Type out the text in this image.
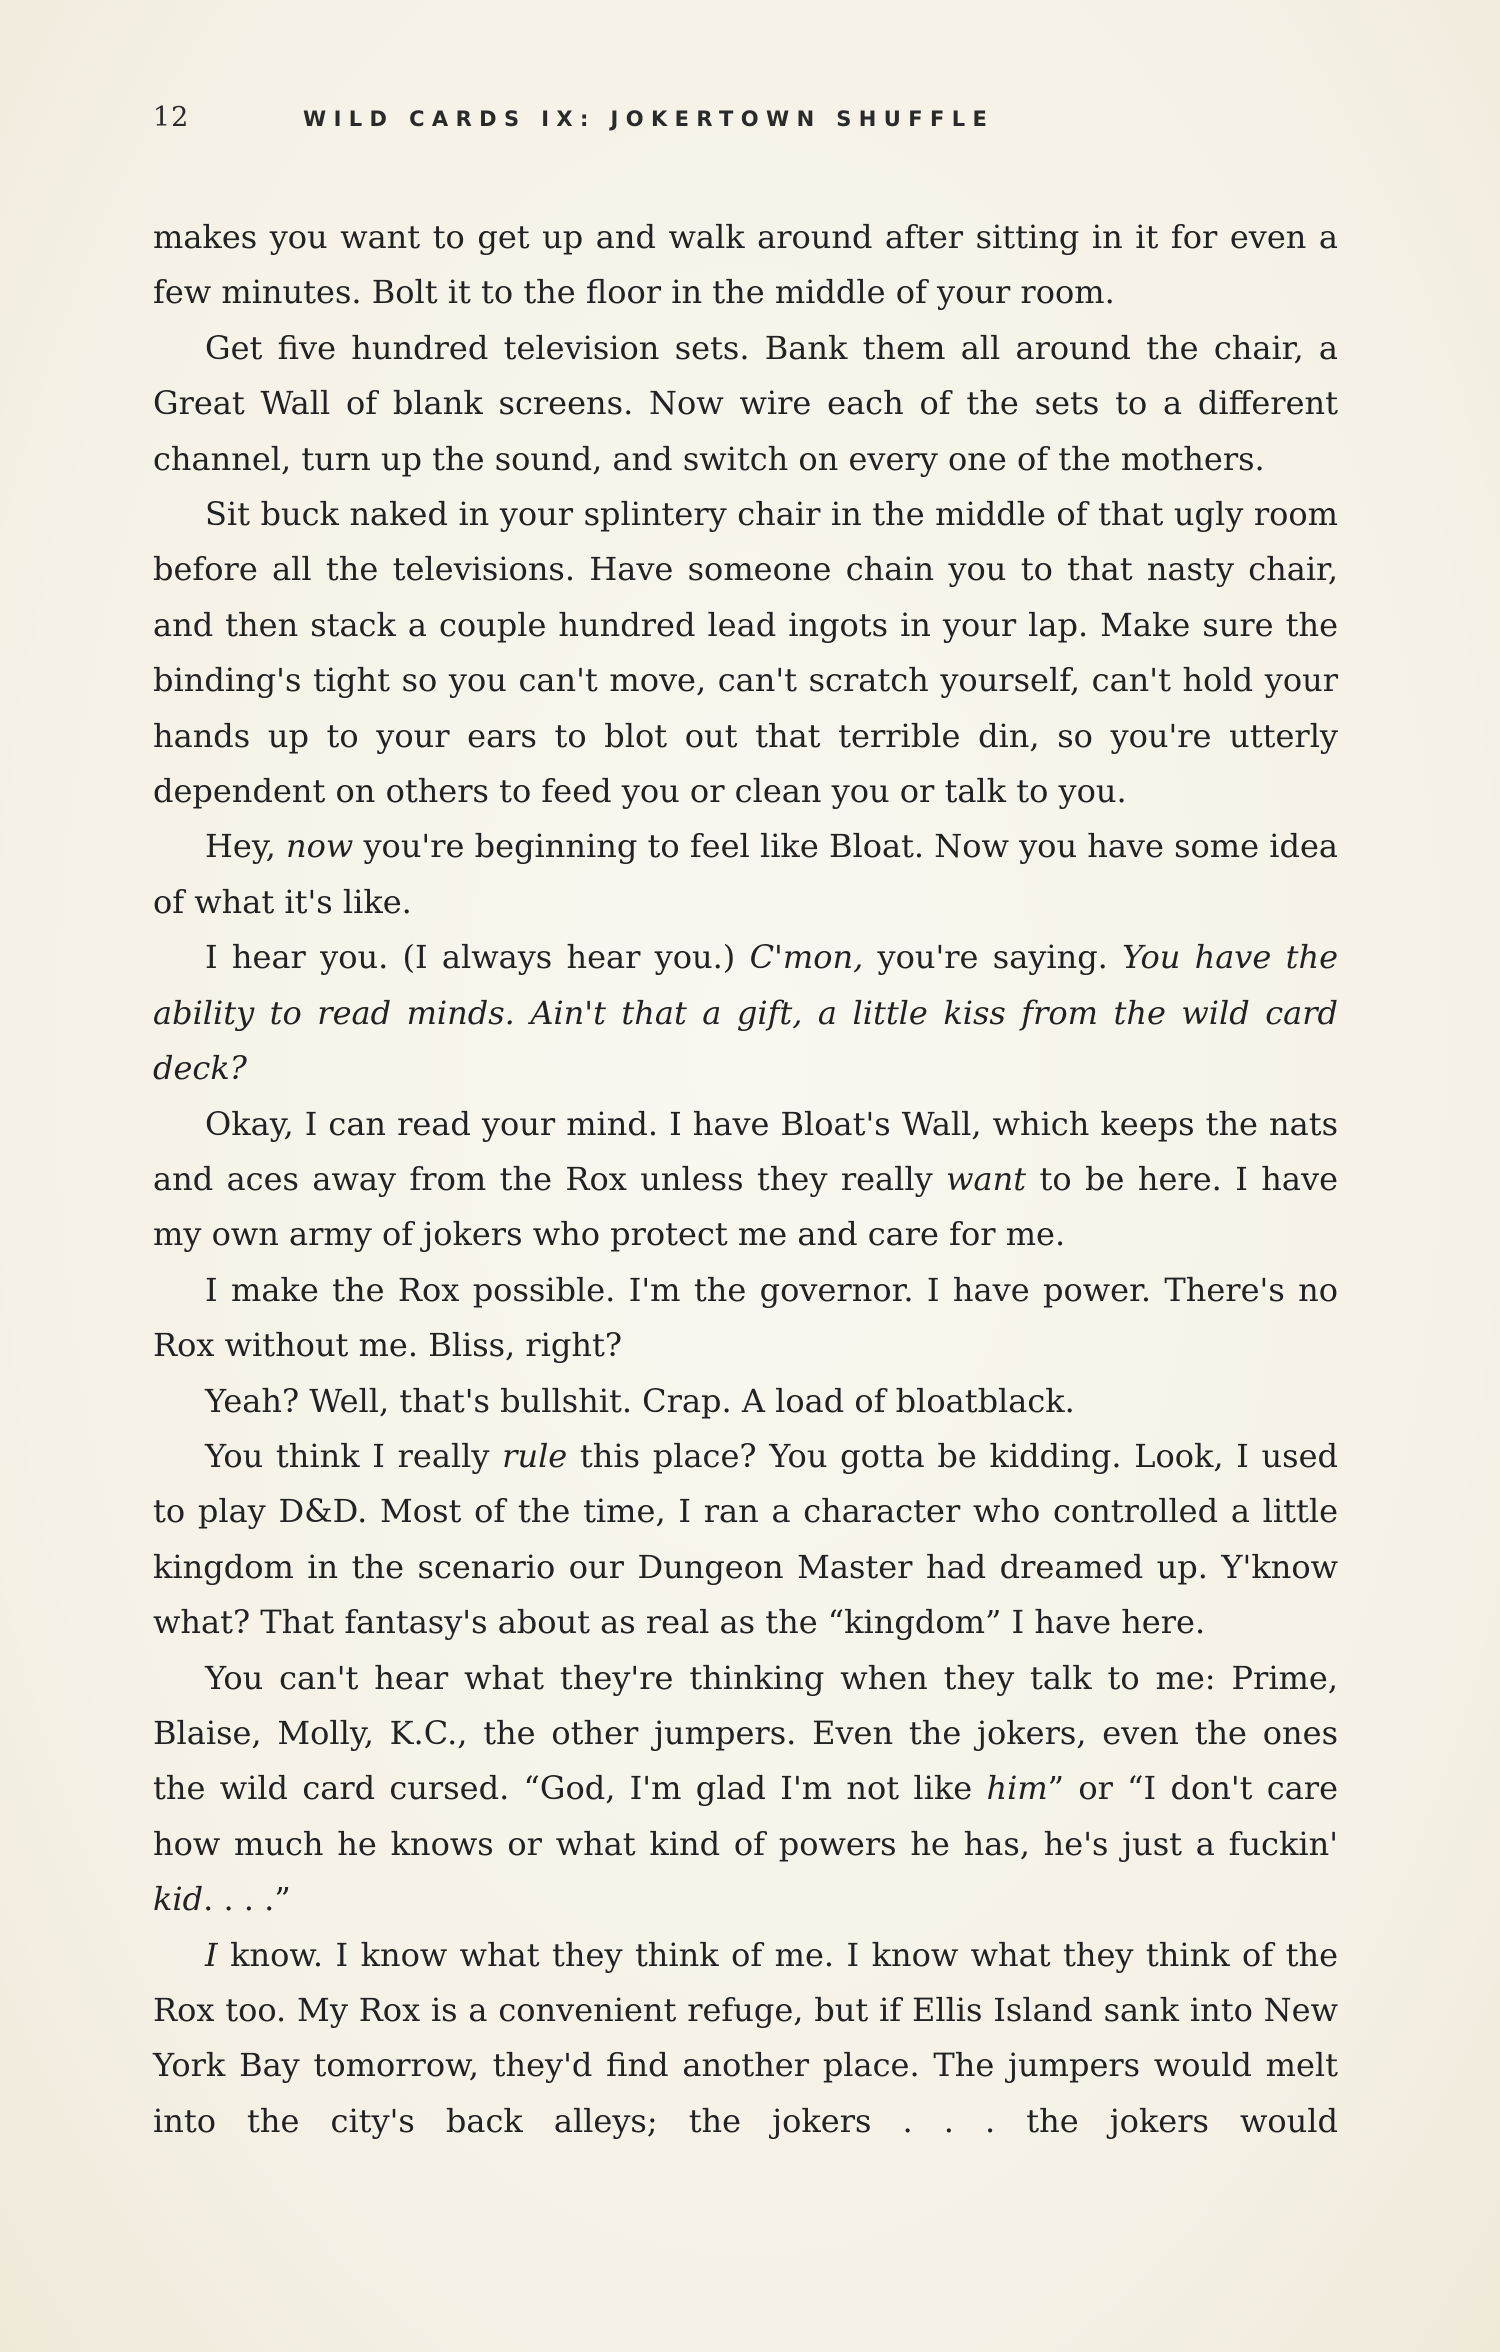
12	WILD CARDS IX: JOKERTOWN SHUFFLE

makes you want to get up and walk around after sitting in it for even a few minutes. Bolt it to the floor in the middle of your room.

Get five hundred television sets. Bank them all around the chair, a Great Wall of blank screens. Now wire each of the sets to a different channel, turn up the sound, and switch on every one of the mothers.

Sit buck naked in your splintery chair in the middle of that ugly room before all the televisions. Have someone chain you to that nasty chair, and then stack a couple hundred lead ingots in your lap. Make sure the binding's tight so you can't move, can't scratch yourself, can't hold your hands up to your ears to blot out that terrible din, so you're utterly dependent on others to feed you or clean you or talk to you.

Hey, now you're beginning to feel like Bloat. Now you have some idea of what it's like.

I hear you. (I always hear you.) C'mon, you're saying. You have the ability to read minds. Ain't that a gift, a little kiss from the wild card deck?

Okay, I can read your mind. I have Bloat's Wall, which keeps the nats and aces away from the Rox unless they really want to be here. I have my own army of jokers who protect me and care for me.

I make the Rox possible. I'm the governor. I have power. There's no Rox without me. Bliss, right?

Yeah? Well, that's bullshit. Crap. A load of bloatblack.

You think I really rule this place? You gotta be kidding. Look, I used to play D&D. Most of the time, I ran a character who controlled a little kingdom in the scenario our Dungeon Master had dreamed up. Y'know what? That fantasy's about as real as the “kingdom” I have here.

You can't hear what they're thinking when they talk to me: Prime, Blaise, Molly, K.C., the other jumpers. Even the jokers, even the ones the wild card cursed. “God, I'm glad I'm not like him” or “I don't care how much he knows or what kind of powers he has, he's just a fuckin' kid. . . .”

I know. I know what they think of me. I know what they think of the Rox too. My Rox is a convenient refuge, but if Ellis Island sank into New York Bay tomorrow, they'd find another place. The jumpers would melt into the city's back alleys; the jokers . . . the jokers would
